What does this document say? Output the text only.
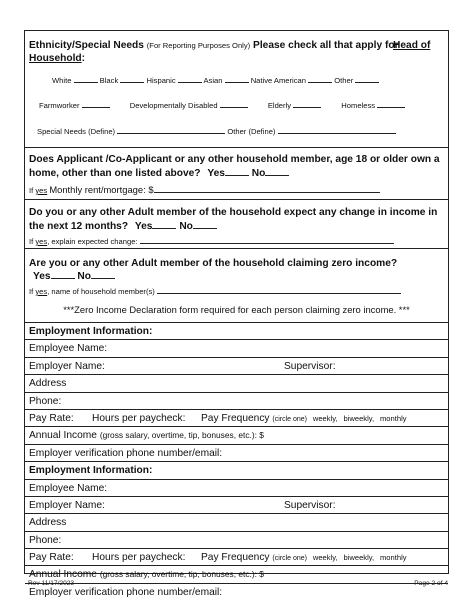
Ethnicity/Special Needs (For Reporting Purposes Only) Please check all that apply for
Head of

White	Black	Hispanic	Asian	Native American	Other
Farmworker	Developmentally Disabled	Elderly	Homeless
Special Needs (Define)	Other (Define)
Household:
Does Applicant /Co-Applicant or any other household member, age 18 or older own a home, other than one listed above? Yes	No
If yes Monthly rent/mortgage: $
Do you or any other Adult member of the household expect any change in income in the next 12 months? Yes	No
If yes, explain expected change:
Are you or any other Adult member of the household claiming zero income?
Yes	No
If yes, name of household member(s)
***Zero Income Declaration form required for each person claiming zero income. ***
Employment Information:
Employee Name:
Employer Name:	Supervisor:
Address
Phone:
Pay Rate: Hours per paycheck: Pay Frequency (circle one) weekly, biweekly, monthly
Annual Income (gross salary, overtime, tip, bonuses, etc.): $
Employer verification phone number/email:
Employment Information:
Employee Name:
Employer Name:	Supervisor:
Address
Phone:
Pay Rate: Hours per paycheck: Pay Frequency (circle one) weekly, biweekly, monthly
Annual Income (gross salary, overtime, tip, bonuses, etc.): $
Employer verification phone number/email:
Rev 11/17/2023	Page 2 of 4
